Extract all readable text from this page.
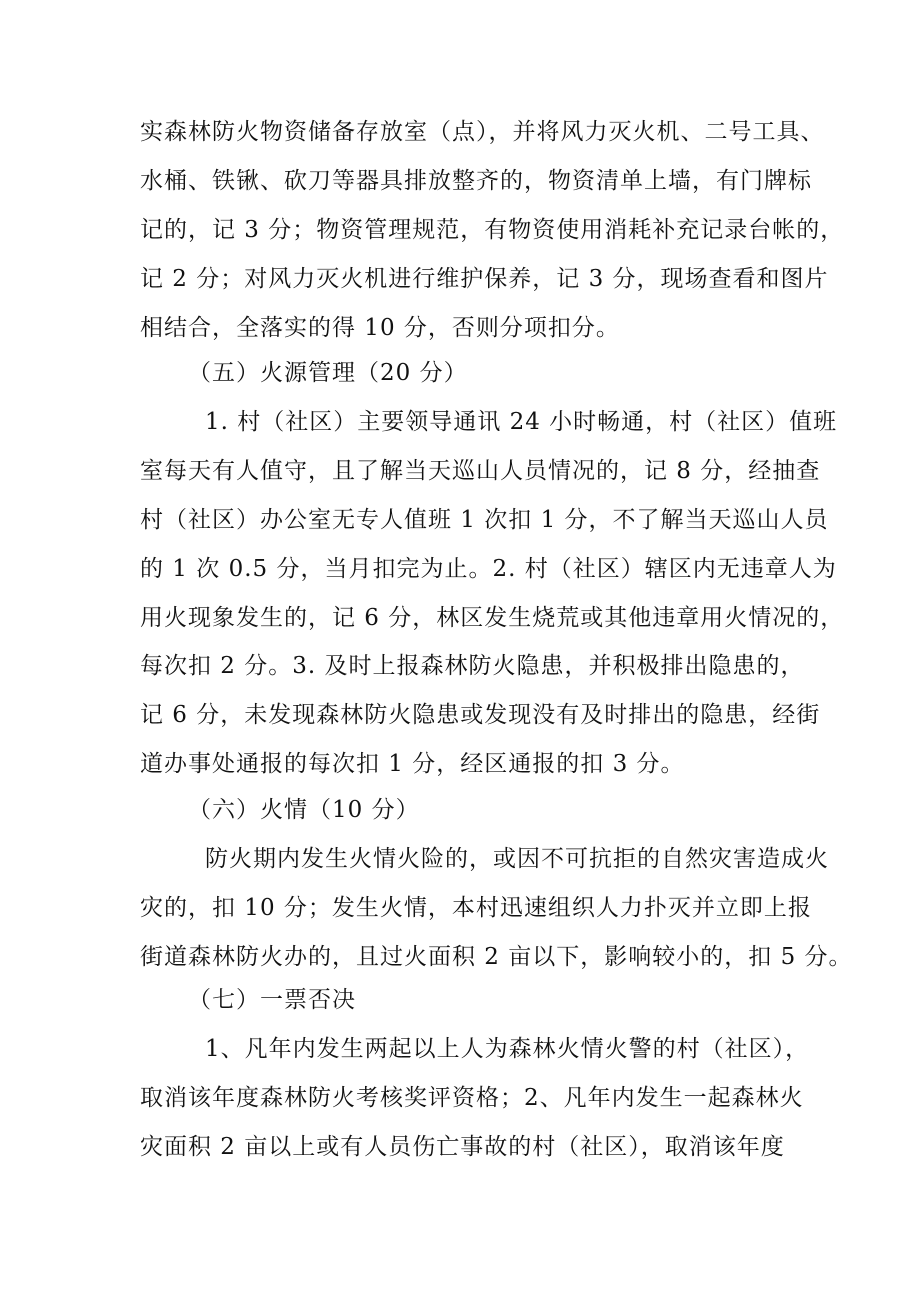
实森林防火物资储备存放室（点），并将风力灭火机、二号工具、
水桶、铁锹、砍刀等器具排放整齐的，物资清单上墙，有门牌标
记的，记 3 分；物资管理规范，有物资使用消耗补充记录台帐的，
记 2 分；对风力灭火机进行维护保养，记 3 分，现场查看和图片
相结合，全落实的得 10 分，否则分项扣分。
（五）火源管理（20 分）
1. 村（社区）主要领导通讯 24 小时畅通，村（社区）值班
室每天有人值守，且了解当天巡山人员情况的，记 8 分，经抽查
村（社区）办公室无专人值班 1 次扣 1 分，不了解当天巡山人员
的 1 次 0.5 分，当月扣完为止。2. 村（社区）辖区内无违章人为
用火现象发生的，记 6 分，林区发生烧荒或其他违章用火情况的，
每次扣 2 分。3. 及时上报森林防火隐患，并积极排出隐患的，
记 6 分，未发现森林防火隐患或发现没有及时排出的隐患，经街
道办事处通报的每次扣 1 分，经区通报的扣 3 分。
（六）火情（10 分）
防火期内发生火情火险的，或因不可抗拒的自然灾害造成火
灾的，扣 10 分；发生火情，本村迅速组织人力扑灭并立即上报
街道森林防火办的，且过火面积 2 亩以下，影响较小的，扣 5 分。
（七）一票否决
1、凡年内发生两起以上人为森林火情火警的村（社区），
取消该年度森林防火考核奖评资格；2、凡年内发生一起森林火
灾面积 2 亩以上或有人员伤亡事故的村（社区），取消该年度
